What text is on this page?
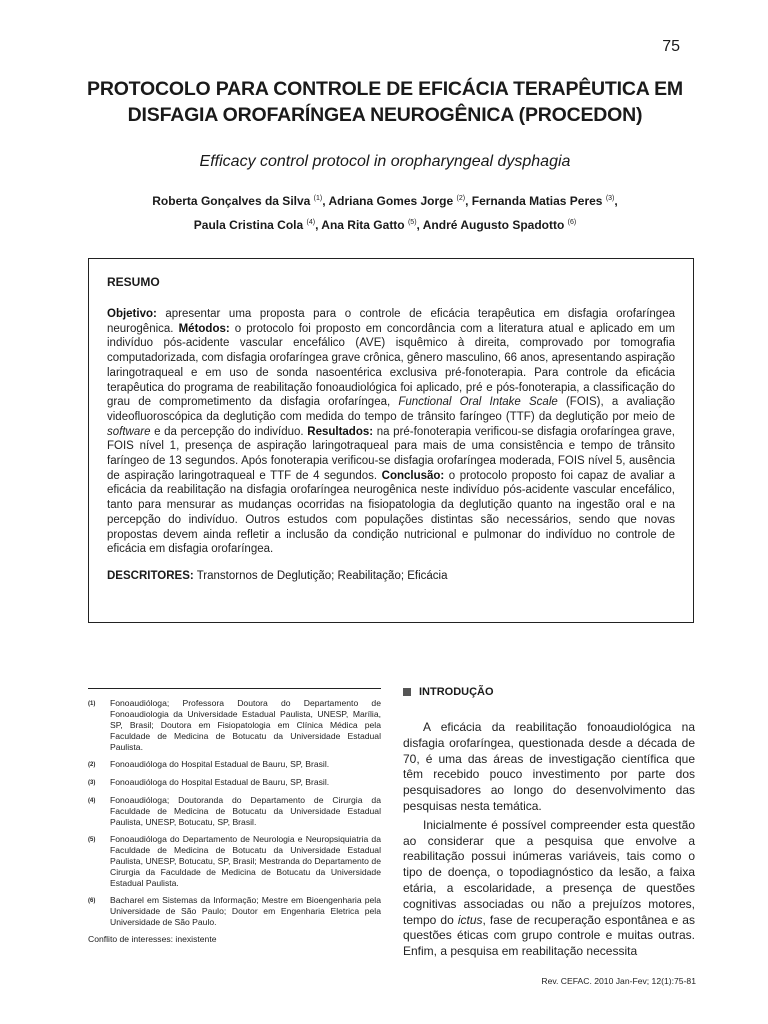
75
PROTOCOLO PARA CONTROLE DE EFICÁCIA TERAPÊUTICA EM DISFAGIA OROFARÍNGEA NEUROGÊNICA (PROCEDON)
Efficacy control protocol in oropharyngeal dysphagia
Roberta Gonçalves da Silva $^{(1)}$, Adriana Gomes Jorge $^{(2)}$, Fernanda Matias Peres $^{(3)}$,
Paula Cristina Cola $^{(4)}$, Ana Rita Gatto $^{(5)}$, André Augusto Spadotto $^{(6)}$
RESUMO
Objetivo: apresentar uma proposta para o controle de eficácia terapêutica em disfagia orofaríngea neurogênica. Métodos: o protocolo foi proposto em concordância com a literatura atual e aplicado em um indivíduo pós-acidente vascular encefálico (AVE) isquêmico à direita, comprovado por tomografia computadorizada, com disfagia orofaríngea grave crônica, gênero masculino, 66 anos, apresentando aspiração laringotraqueal e em uso de sonda nasoentérica exclusiva pré-fonoterapia. Para controle da eficácia terapêutica do programa de reabilitação fonoaudiológica foi aplicado, pré e pós-fonoterapia, a classificação do grau de comprometimento da disfagia orofaríngea, Functional Oral Intake Scale (FOIS), a avaliação videofluoroscópica da deglutição com medida do tempo de trânsito faríngeo (TTF) da deglutição por meio de software e da percepção do indivíduo. Resultados: na pré-fonoterapia verificou-se disfagia orofaríngea grave, FOIS nível 1, presença de aspiração laringotraqueal para mais de uma consistência e tempo de trânsito faríngeo de 13 segundos. Após fonoterapia verificou-se disfagia orofaríngea moderada, FOIS nível 5, ausência de aspiração laringotraqueal e TTF de 4 segundos. Conclusão: o protocolo proposto foi capaz de avaliar a eficácia da reabilitação na disfagia orofaríngea neurogênica neste indivíduo pós-acidente vascular encefálico, tanto para mensurar as mudanças ocorridas na fisiopatologia da deglutição quanto na ingestão oral e na percepção do indivíduo. Outros estudos com populações distintas são necessários, sendo que novas propostas devem ainda refletir a inclusão da condição nutricional e pulmonar do indivíduo no controle de eficácia em disfagia orofaríngea.
DESCRITORES: Transtornos de Deglutição; Reabilitação; Eficácia
(1)	Fonoaudióloga; Professora Doutora do Departamento de Fonoaudiologia da Universidade Estadual Paulista, UNESP, Marília, SP, Brasil; Doutora em Fisiopatologia em Clínica Médica pela Faculdade de Medicina de Botucatu da Universidade Estadual Paulista.
(2)	Fonoaudióloga do Hospital Estadual de Bauru, SP, Brasil.
(3)	Fonoaudióloga do Hospital Estadual de Bauru, SP, Brasil.
(4)	Fonoaudióloga; Doutoranda do Departamento de Cirurgia da Faculdade de Medicina de Botucatu da Universidade Estadual Paulista, UNESP, Botucatu, SP, Brasil.
(5)	Fonoaudióloga do Departamento de Neurologia e Neuropsiquiatria da Faculdade de Medicina de Botucatu da Universidade Estadual Paulista, UNESP, Botucatu, SP, Brasil; Mestranda do Departamento de Cirurgia da Faculdade de Medicina de Botucatu da Universidade Estadual Paulista.
(6)	Bacharel em Sistemas da Informação; Mestre em Bioengenharia pela Universidade de São Paulo; Doutor em Engenharia Eletrica pela Universidade de São Paulo.
Conflito de interesses: inexistente
INTRODUÇÃO

A eficácia da reabilitação fonoaudiológica na disfagia orofaríngea, questionada desde a década de 70, é uma das áreas de investigação científica que têm recebido pouco investimento por parte dos pesquisadores ao longo do desenvolvimento das pesquisas nesta temática.

Inicialmente é possível compreender esta questão ao considerar que a pesquisa que envolve a reabilitação possui inúmeras variáveis, tais como o tipo de doença, o topodiagnóstico da lesão, a faixa etária, a escolaridade, a presença de questões cognitivas associadas ou não a prejuízos motores, tempo do ictus, fase de recuperação espontânea e as questões éticas com grupo controle e muitas outras. Enfim, a pesquisa em reabilitação necessita

Rev. CEFAC. 2010 Jan-Fev; 12(1):75-81
